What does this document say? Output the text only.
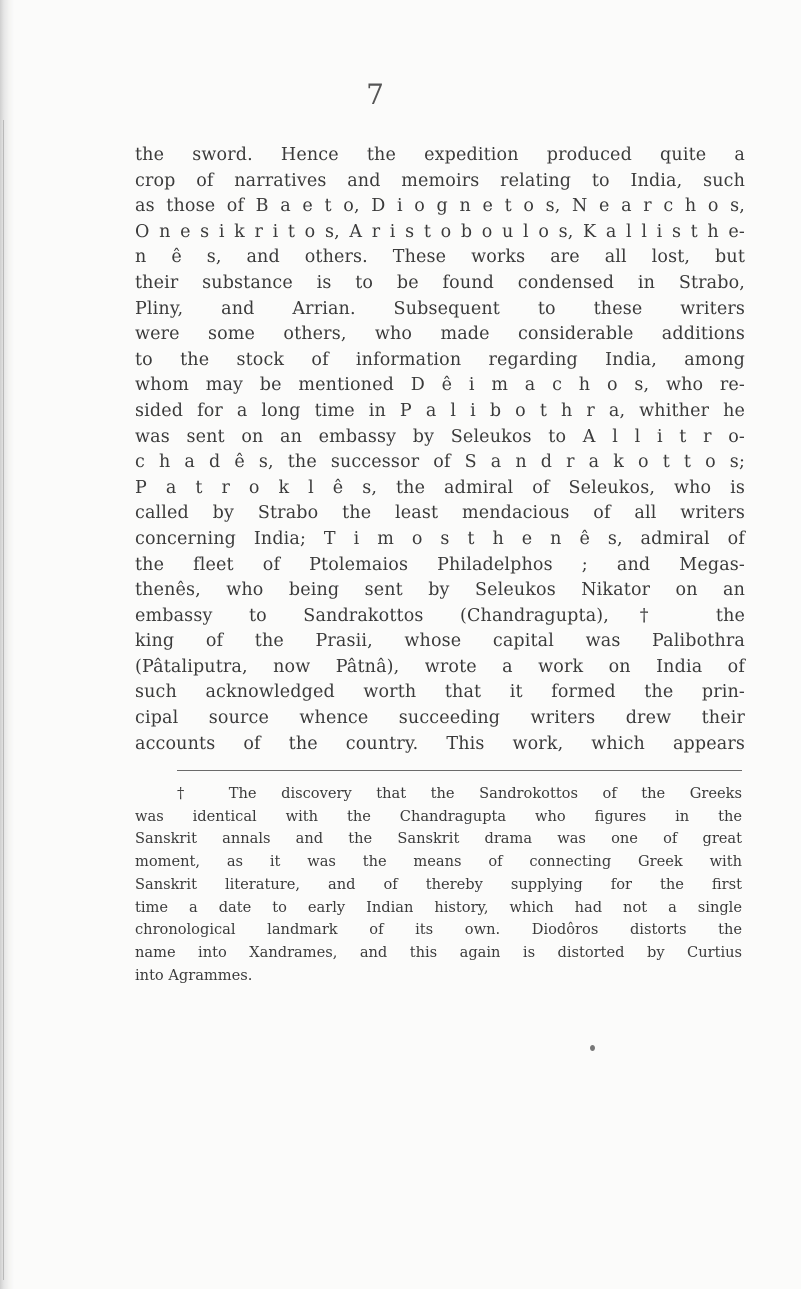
7
the sword. Hence the expedition produced quite a
crop of narratives and memoirs relating to India, such
as those of B a e t o, D i o g n e t o s, N e a r c h o s,
O n e s i k r i t o s, A r i s t o b o u l o s, K a l l i s t h e-
n ê s, and others. These works are all lost, but
their substance is to be found condensed in Strabo,
Pliny, and Arrian. Subsequent to these writers
were some others, who made considerable additions
to the stock of information regarding India, among
whom may be mentioned D ê i m a c h o s, who re-
sided for a long time in P a l i b o t h r a, whither he
was sent on an embassy by Seleukos to A l l i t r o-
c h a d ê s, the successor of S a n d r a k o t t o s;
P a t r o k l ê s, the admiral of Seleukos, who is
called by Strabo the least mendacious of all writers
concerning India; T i m o s t h e n ê s, admiral of
the fleet of Ptolemaios Philadelphos ; and Megas-
thenês, who being sent by Seleukos Nikator on an
embassy to Sandrakottos (Chandragupta),† the
king of the Prasii, whose capital was Palibothra
(Pâtaliputra, now Pâtnâ), wrote a work on India of
such acknowledged worth that it formed the prin-
cipal source whence succeeding writers drew their
accounts of the country. This work, which appears
† The discovery that the Sandrokottos of the Greeks
was identical with the Chandragupta who figures in the
Sanskrit annals and the Sanskrit drama was one of great
moment, as it was the means of connecting Greek with
Sanskrit literature, and of thereby supplying for the first
time a date to early Indian history, which had not a single
chronological landmark of its own. Diodôros distorts the
name into Xandrames, and this again is distorted by Curtius
into Agrammes.
